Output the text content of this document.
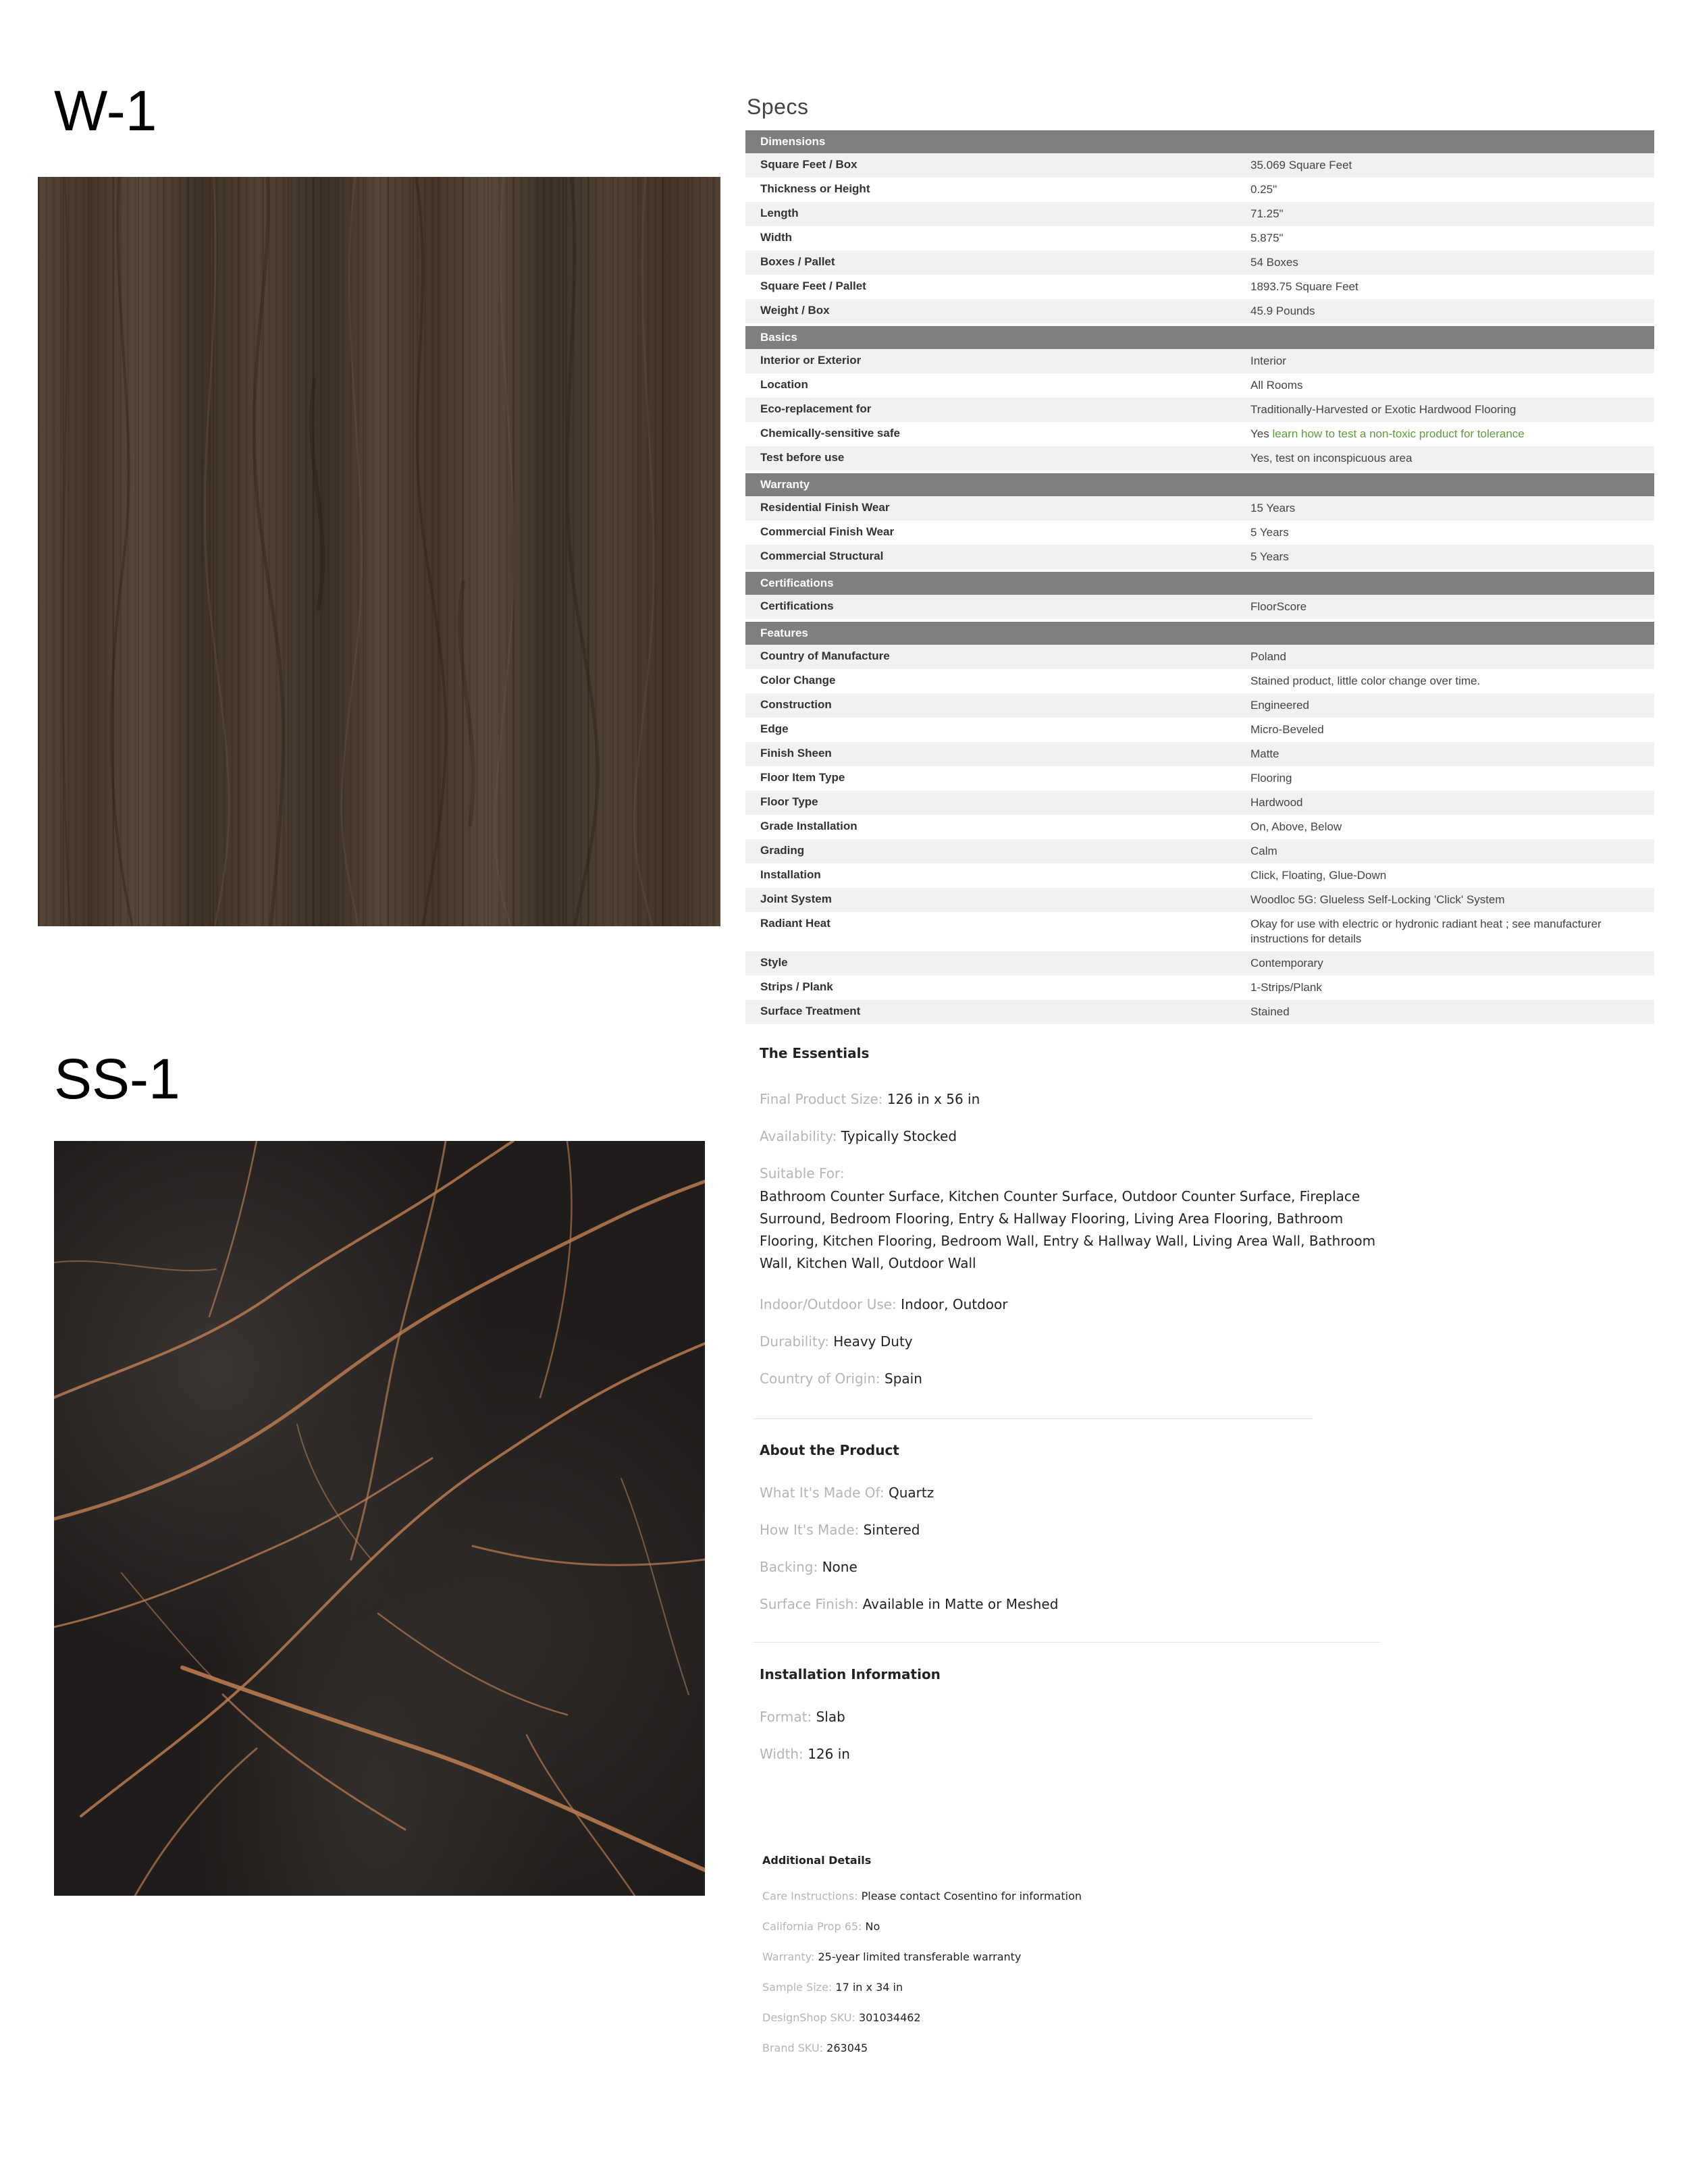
W-1
SS-1
Specs
Dimensions
Square Feet / Box	35.069 Square Feet
Thickness or Height	0.25"
Length	71.25"
Width	5.875"
Boxes / Pallet	54 Boxes
Square Feet / Pallet	1893.75 Square Feet
Weight / Box	45.9 Pounds
Basics
Interior or Exterior	Interior
Location	All Rooms
Eco-replacement for	Traditionally-Harvested or Exotic Hardwood Flooring
Chemically-sensitive safe	Yes learn how to test a non-toxic product for tolerance
Test before use	Yes, test on inconspicuous area
Warranty
Residential Finish Wear	15 Years
Commercial Finish Wear	5 Years
Commercial Structural	5 Years
Certifications
Certifications	FloorScore
Features
Country of Manufacture	Poland
Color Change	Stained product, little color change over time.
Construction	Engineered
Edge	Micro-Beveled
Finish Sheen	Matte
Floor Item Type	Flooring
Floor Type	Hardwood
Grade Installation	On, Above, Below
Grading	Calm
Installation	Click, Floating, Glue-Down
Joint System	Woodloc 5G: Glueless Self-Locking 'Click' System
Radiant Heat	Okay for use with electric or hydronic radiant heat ; see manufacturer instructions for details
Style	Contemporary
Strips / Plank	1-Strips/Plank
Surface Treatment	Stained

The Essentials

Final Product Size: 126 in x 56 in

Availability: Typically Stocked

Suitable For:

Bathroom Counter Surface, Kitchen Counter Surface, Outdoor Counter Surface, Fireplace Surround, Bedroom Flooring, Entry & Hallway Flooring, Living Area Flooring, Bathroom Flooring, Kitchen Flooring, Bedroom Wall, Entry & Hallway Wall, Living Area Wall, Bathroom Wall, Kitchen Wall, Outdoor Wall

Indoor/Outdoor Use: Indoor, Outdoor

Durability: Heavy Duty

Country of Origin: Spain

About the Product

What It's Made Of: Quartz

How It's Made: Sintered

Backing: None

Surface Finish: Available in Matte or Meshed

Installation Information

Format: Slab

Width: 126 in

Additional Details

Care Instructions: Please contact Cosentino for information

California Prop 65: No

Warranty: 25-year limited transferable warranty

Sample Size: 17 in x 34 in

DesignShop SKU: 301034462

Brand SKU: 263045
